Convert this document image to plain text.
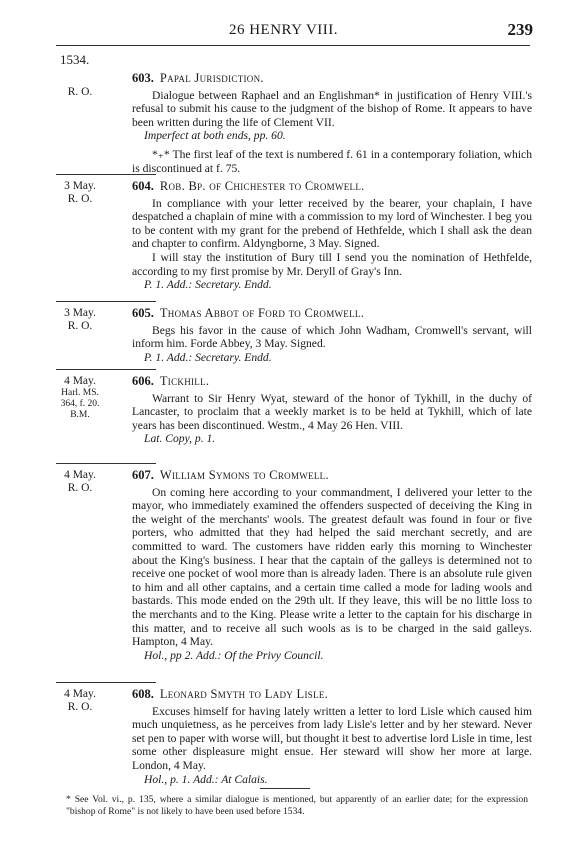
26 HENRY VIII.	239
1534.
R. O.
603. Papal Jurisdiction.

Dialogue between Raphael and an Englishman* in justification of Henry VIII.'s refusal to submit his cause to the judgment of the bishop of Rome. It appears to have been written during the life of Clement VII.

Imperfect at both ends, pp. 60.

*₊* The first leaf of the text is numbered f. 61 in a contemporary foliation, which is discontinued at f. 75.

3 May.
R. O.
604. Rob. Bp. of Chichester to Cromwell.

In compliance with your letter received by the bearer, your chaplain, I have despatched a chaplain of mine with a commission to my lord of Winchester. I beg you to be content with my grant for the prebend of Hethfelde, which I shall ask the dean and chapter to confirm. Aldyngborne, 3 May. Signed.

I will stay the institution of Bury till I send you the nomination of Hethfelde, according to my first promise by Mr. Deryll of Gray's Inn.

P. 1. Add.: Secretary. Endd.

3 May.
R. O.
605. Thomas Abbot of Ford to Cromwell.

Begs his favor in the cause of which John Wadham, Cromwell's servant, will inform him. Forde Abbey, 3 May. Signed.

P. 1. Add.: Secretary. Endd.

4 May.
Harl. MS. 364, f. 20. B.M.
606. Tickhill.

Warrant to Sir Henry Wyat, steward of the honor of Tykhill, in the duchy of Lancaster, to proclaim that a weekly market is to be held at Tykhill, which of late years has been discontinued. Westm., 4 May 26 Hen. VIII.

Lat. Copy, p. 1.

4 May.
R. O.
607. William Symons to Cromwell.

On coming here according to your commandment, I delivered your letter to the mayor, who immediately examined the offenders suspected of deceiving the King in the weight of the merchants' wools. The greatest default was found in four or five porters, who admitted that they had helped the said merchant secretly, and are committed to ward. The customers have ridden early this morning to Winchester about the King's business. I hear that the captain of the galleys is determined not to receive one pocket of wool more than is already laden. There is an absolute rule given to him and all other captains, and a certain time called a mode for lading wools and bastards. This mode ended on the 29th ult. If they leave, this will be no little loss to the merchants and to the King. Please write a letter to the captain for his discharge in this matter, and to receive all such wools as is to be charged in the said galleys. Hampton, 4 May.

Hol., pp 2. Add.: Of the Privy Council.

4 May.
R. O.
608. Leonard Smyth to Lady Lisle.

Excuses himself for having lately written a letter to lord Lisle which caused him much unquietness, as he perceives from lady Lisle's letter and by her steward. Never set pen to paper with worse will, but thought it best to advertise lord Lisle in time, lest some other displeasure might ensue. Her steward will show her more at large. London, 4 May.

Hol., p. 1. Add.: At Calais.

* See Vol. vi., p. 135, where a similar dialogue is mentioned, but apparently of an earlier date; for the expression "bishop of Rome" is not likely to have been used before 1534.
